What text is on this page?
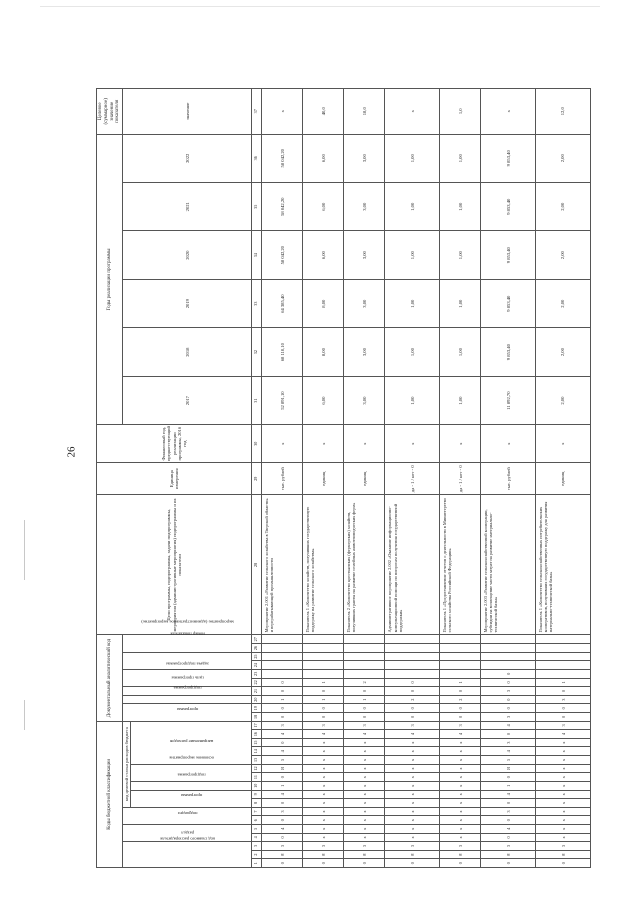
26
Коды бюджетной классификации																	Документальный аналитический код										Цели программы, подпрограммы, задачи подпрограммы, мероприятия (административные мероприятия) подпрограммы и их показатели	Единица измерения	Финансовый год, предшествующий реализации программы, 2016 год	Годы реализации программы						Целевое (суммарное) значение показателя
код главного распорядителя			раздел		подраздел		код целевой статьи расходов бюджета										программа		подпрограмма	цель программы	задача подпрограммы		мероприятие (административное мероприятие)		номер показателя					2017	2018	2019	2020	2021	2022	значение
							программа		подпрограмма	основное мероприятие		направление расходов																								
1	2	3	4	5	6	7	8	9	10	11	12	13	14	15	16	17	18	19	20	21	22	23	24	25	26	27	28	29	30	31	32	33	34	35	36	37
0	8	3	0	4	0	3	0	4	1	0	Я	5	4	0	4	3	0	0	1	0	0						Мероприятие 2.001 «Развитие сельского хозяйства в Тверской области» и перерабатывающей промышленности	тыс. рублей	х	52 891,10	68 110,10	64 385,40	58 042,20	58 042,20	58 042,20	х
0	8	3	х	х	х	х	х	х	х	х	х	х	х	х	4	3	0	0	1	0	1						Показатель 1 «Количество хозяйств, получивших государственную поддержку на развитие сельского хозяйства»	единиц	х	6,00	8,00	8,00	6,00	6,00	6,00	40,0
0	8	3	х	х	х	х	х	х	х	х	х	х	х	х	4	3	0	0	1	0	2						Показатель 2 «Количество крестьянских (фермерских) хозяйств, получивших гранты на развитие семейных животноводческих ферм»	единиц	х	3,00	3,00	3,00	3,00	3,00	3,00	18,0
0	8	3	х	х	х	х	х	х	х	х	х	х	х	х	4	3	0	0	2	0	0						Административное мероприятие 2.002 «Оказание информационно-консультационной помощи по вопросам получения государственной поддержки»	да - 1 / нет - 0	х	1,00	1,00	1,00	1,00	1,00	1,00	х
0	8	3	х	х	х	х	х	х	х	х	х	х	х	х	4	3	0	0	2	0	1						Показатель 1 «Предоставление отчетов о деятельности в Министерство сельского хозяйства Российской Федерации»	да - 1 / нет - 0	х	1,00	1,00	1,00	1,00	1,00	1,00	1,0
0	8	3	0	4	0	3	0	4	1	0	Я	5	4	3	0	4	3	0	0	3	0	0					Мероприятие 2.003 «Развитие сельскохозяйственной кооперации, субсидии на возмещение части затрат на развитие материально-технической базы»	тыс. рублей	х	11 892,70	9 853,40	9 853,40	9 853,40	9 853,40	9 853,40	х
0	8	3	х	х	х	х	х	х	х	х	х	х	х	х	4	3	0	0	3	0	1						Показатель 1 «Количество сельскохозяйственных потребительских кооперативов, получивших государственную поддержку для развития материально-технической базы»	единиц	х	2,00	2,00	2,00	2,00	2,00	2,00	12,0
